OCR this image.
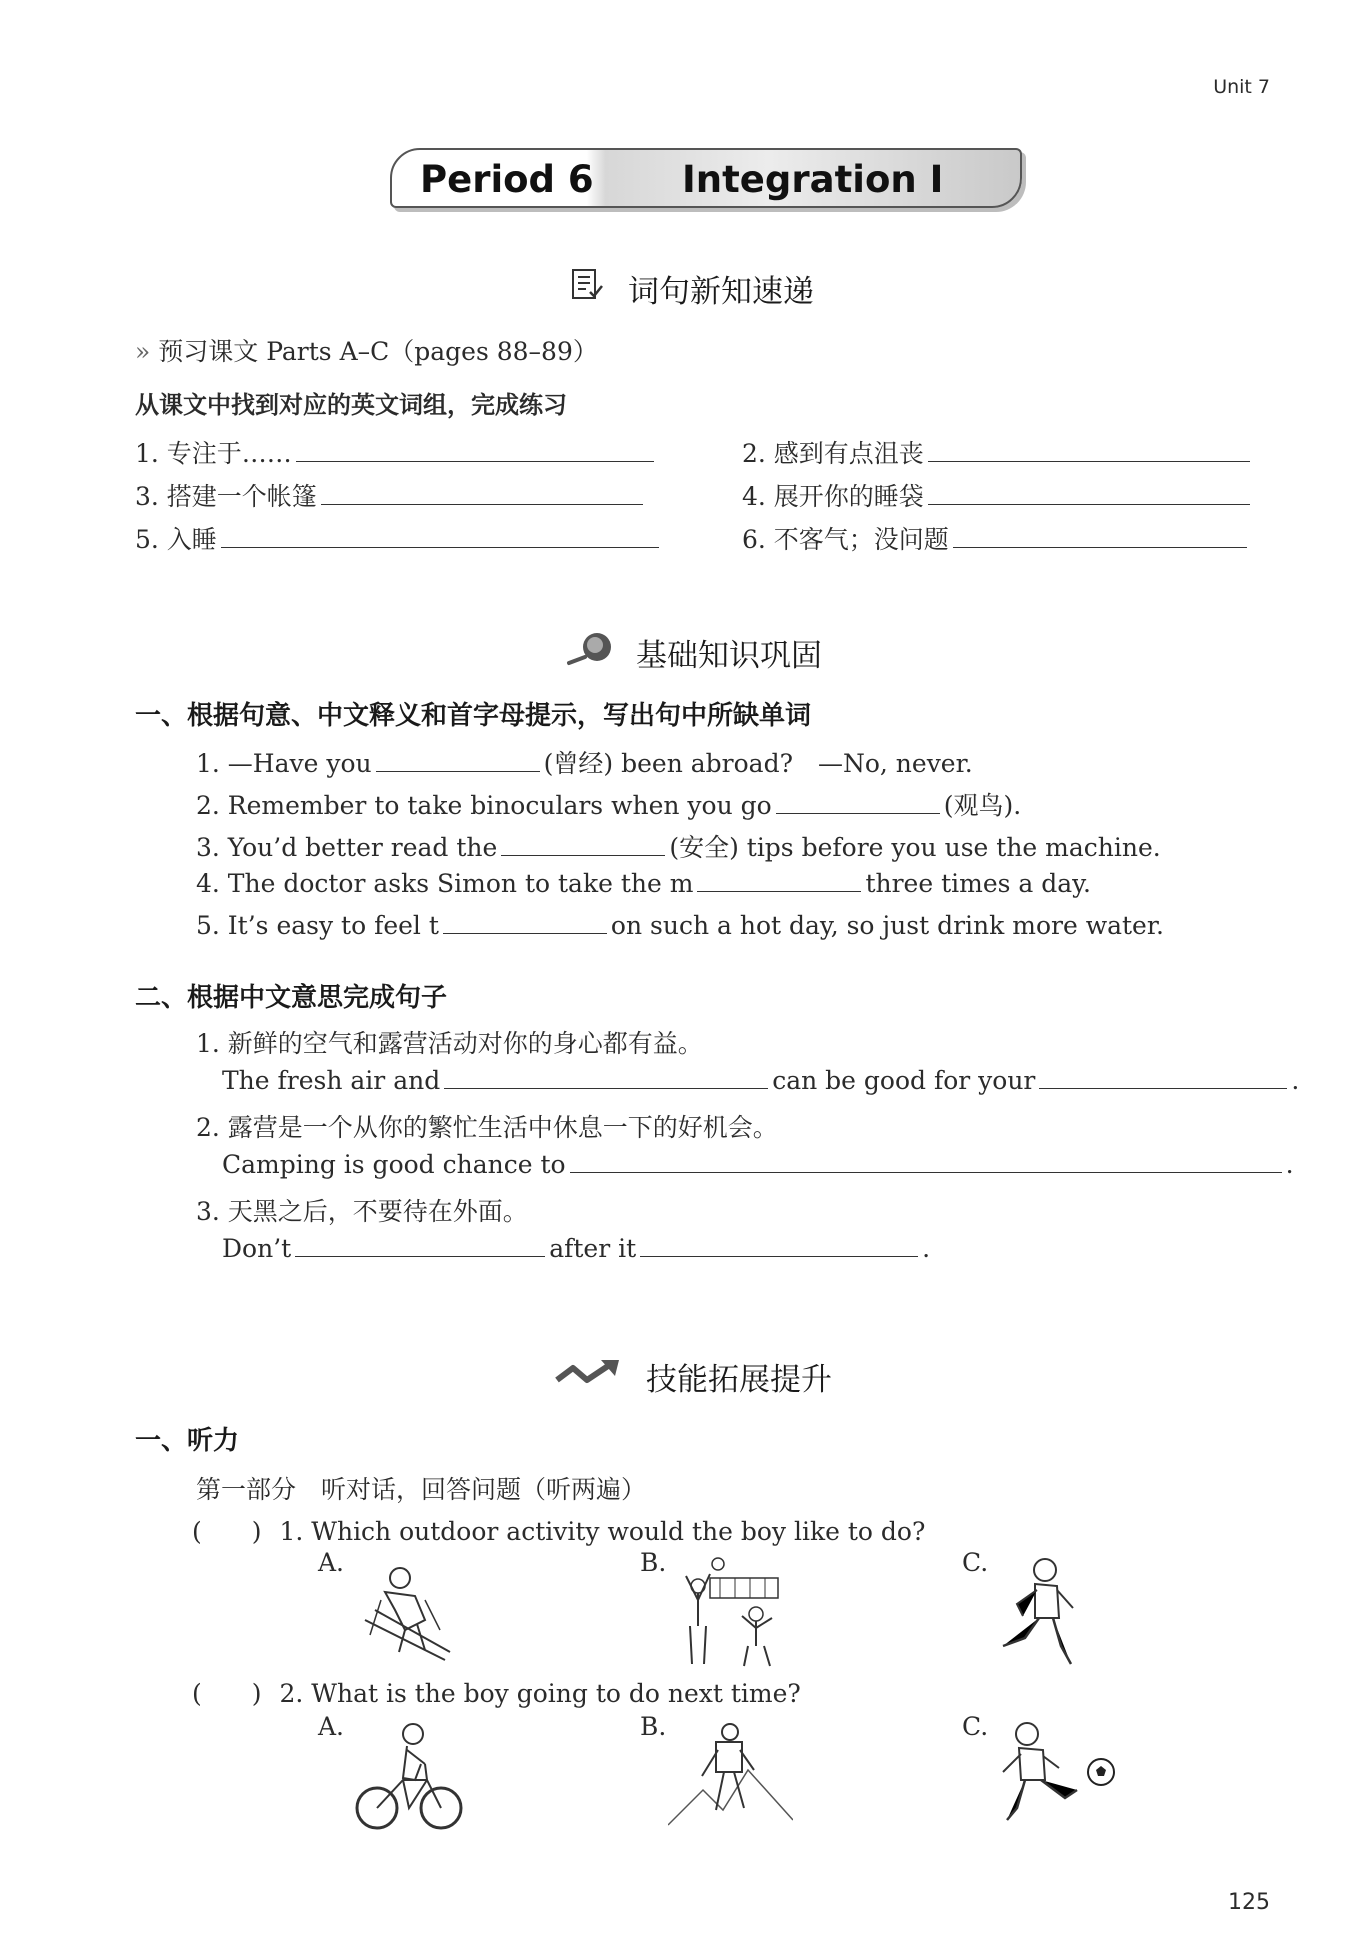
Unit 7
Period 6 Integration I
词句新知速递
» 预习课文 Parts A–C（pages 88–89）
从课文中找到对应的英文词组，完成练习
1. 专注于……	2. 感到有点沮丧
3. 搭建一个帐篷	4. 展开你的睡袋
5. 入睡	6. 不客气；没问题
基础知识巩固
一、根据句意、中文释义和首字母提示，写出句中所缺单词
1. —Have you	(曾经) been abroad?　—No, never.
2. Remember to take binoculars when you go	(观鸟).
3. You’d better read the	(安全) tips before you use the machine.
4. The doctor asks Simon to take the m	three times a day.
5. It’s easy to feel t	on such a hot day, so just drink more water.
二、根据中文意思完成句子
1. 新鲜的空气和露营活动对你的身心都有益。
The fresh air and	can be good for your	.
2. 露营是一个从你的繁忙生活中休息一下的好机会。
Camping is good chance to	.
3. 天黑之后，不要待在外面。
Don’t	after it	.
技能拓展提升
一、听力
第一部分　听对话，回答问题（听两遍）
(　　) 1. Which outdoor activity would the boy like to do?
A.	B.	C.
(　　) 2. What is the boy going to do next time?
A.	B.	C.
125
